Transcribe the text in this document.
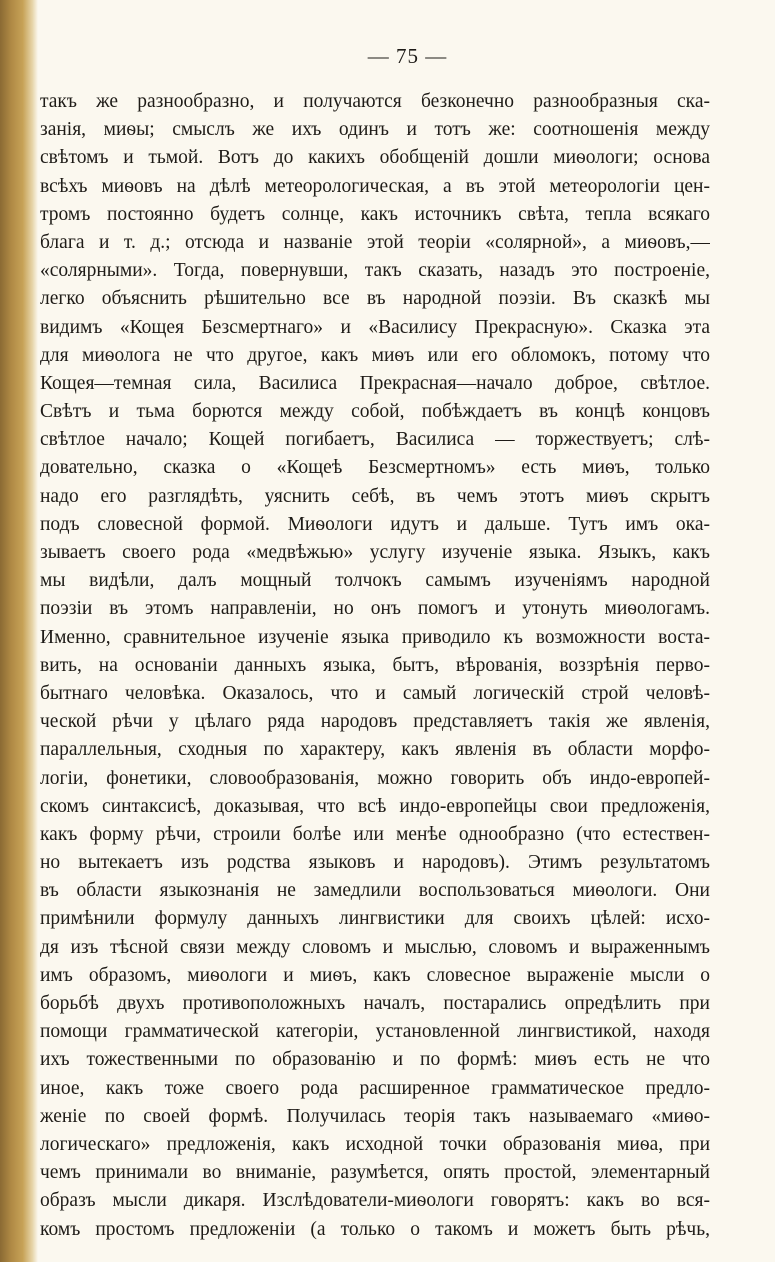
— 75 —
такъ же разнообразно, и получаются безконечно разнообразныя ска-
занія, миѳы; смыслъ же ихъ одинъ и тотъ же: соотношенія между
свѣтомъ и тьмой. Вотъ до какихъ обобщеній дошли миѳологи; основа
всѣхъ миѳовъ на дѣлѣ метеорологическая, а въ этой метеорологіи цен-
тромъ постоянно будетъ солнце, какъ источникъ свѣта, тепла всякаго
блага и т. д.; отсюда и названіе этой теоріи «солярной», а миѳовъ,—
«солярными». Тогда, повернувши, такъ сказать, назадъ это построеніе,
легко объяснить рѣшительно все въ народной поэзіи. Въ сказкѣ мы
видимъ «Кощея Безсмертнаго» и «Василису Прекрасную». Сказка эта
для миѳолога не что другое, какъ миѳъ или его обломокъ, потому что
Кощея—темная сила, Василиса Прекрасная—начало доброе, свѣтлое.
Свѣтъ и тьма борются между собой, побѣждаетъ въ концѣ концовъ
свѣтлое начало; Кощей погибаетъ, Василиса — торжествуетъ; слѣ-
довательно, сказка о «Кощеѣ Безсмертномъ» есть миѳъ, только
надо его разглядѣть, уяснить себѣ, въ чемъ этотъ миѳъ скрытъ
подъ словесной формой. Миѳологи идутъ и дальше. Тутъ имъ ока-
зываетъ своего рода «медвѣжью» услугу изученіе языка. Языкъ, какъ
мы видѣли, далъ мощный толчокъ самымъ изученіямъ народной
поэзіи въ этомъ направленіи, но онъ помогъ и утонуть миѳологамъ.
Именно, сравнительное изученіе языка приводило къ возможности воста-
вить, на основаніи данныхъ языка, бытъ, вѣрованія, воззрѣнія перво-
бытнаго человѣка. Оказалось, что и самый логическій строй человѣ-
ческой рѣчи у цѣлаго ряда народовъ представляетъ такія же явленія,
параллельныя, сходныя по характеру, какъ явленія въ области морфо-
логіи, фонетики, словообразованія, можно говорить объ индо-европей-
скомъ синтаксисѣ, доказывая, что всѣ индо-европейцы свои предложенія,
какъ форму рѣчи, строили болѣе или менѣе однообразно (что естествен-
но вытекаетъ изъ родства языковъ и народовъ). Этимъ результатомъ
въ области языкознанія не замедлили воспользоваться миѳологи. Они
примѣнили формулу данныхъ лингвистики для своихъ цѣлей: исхо-
дя изъ тѣсной связи между словомъ и мыслью, словомъ и выраженнымъ
имъ образомъ, миѳологи и миѳъ, какъ словесное выраженіе мысли о
борьбѣ двухъ противоположныхъ началъ, постарались опредѣлить при
помощи грамматической категоріи, установленной лингвистикой, находя
ихъ тожественными по образованію и по формѣ: миѳъ есть не что
иное, какъ тоже своего рода расширенное грамматическое предло-
женіе по своей формѣ. Получилась теорія такъ называемаго «миѳо-
логическаго» предложенія, какъ исходной точки образованія миѳа, при
чемъ принимали во вниманіе, разумѣется, опять простой, элементарный
образъ мысли дикаря. Изслѣдователи-миѳологи говорятъ: какъ во вся-
комъ простомъ предложеніи (а только о такомъ и можетъ быть рѣчь,
